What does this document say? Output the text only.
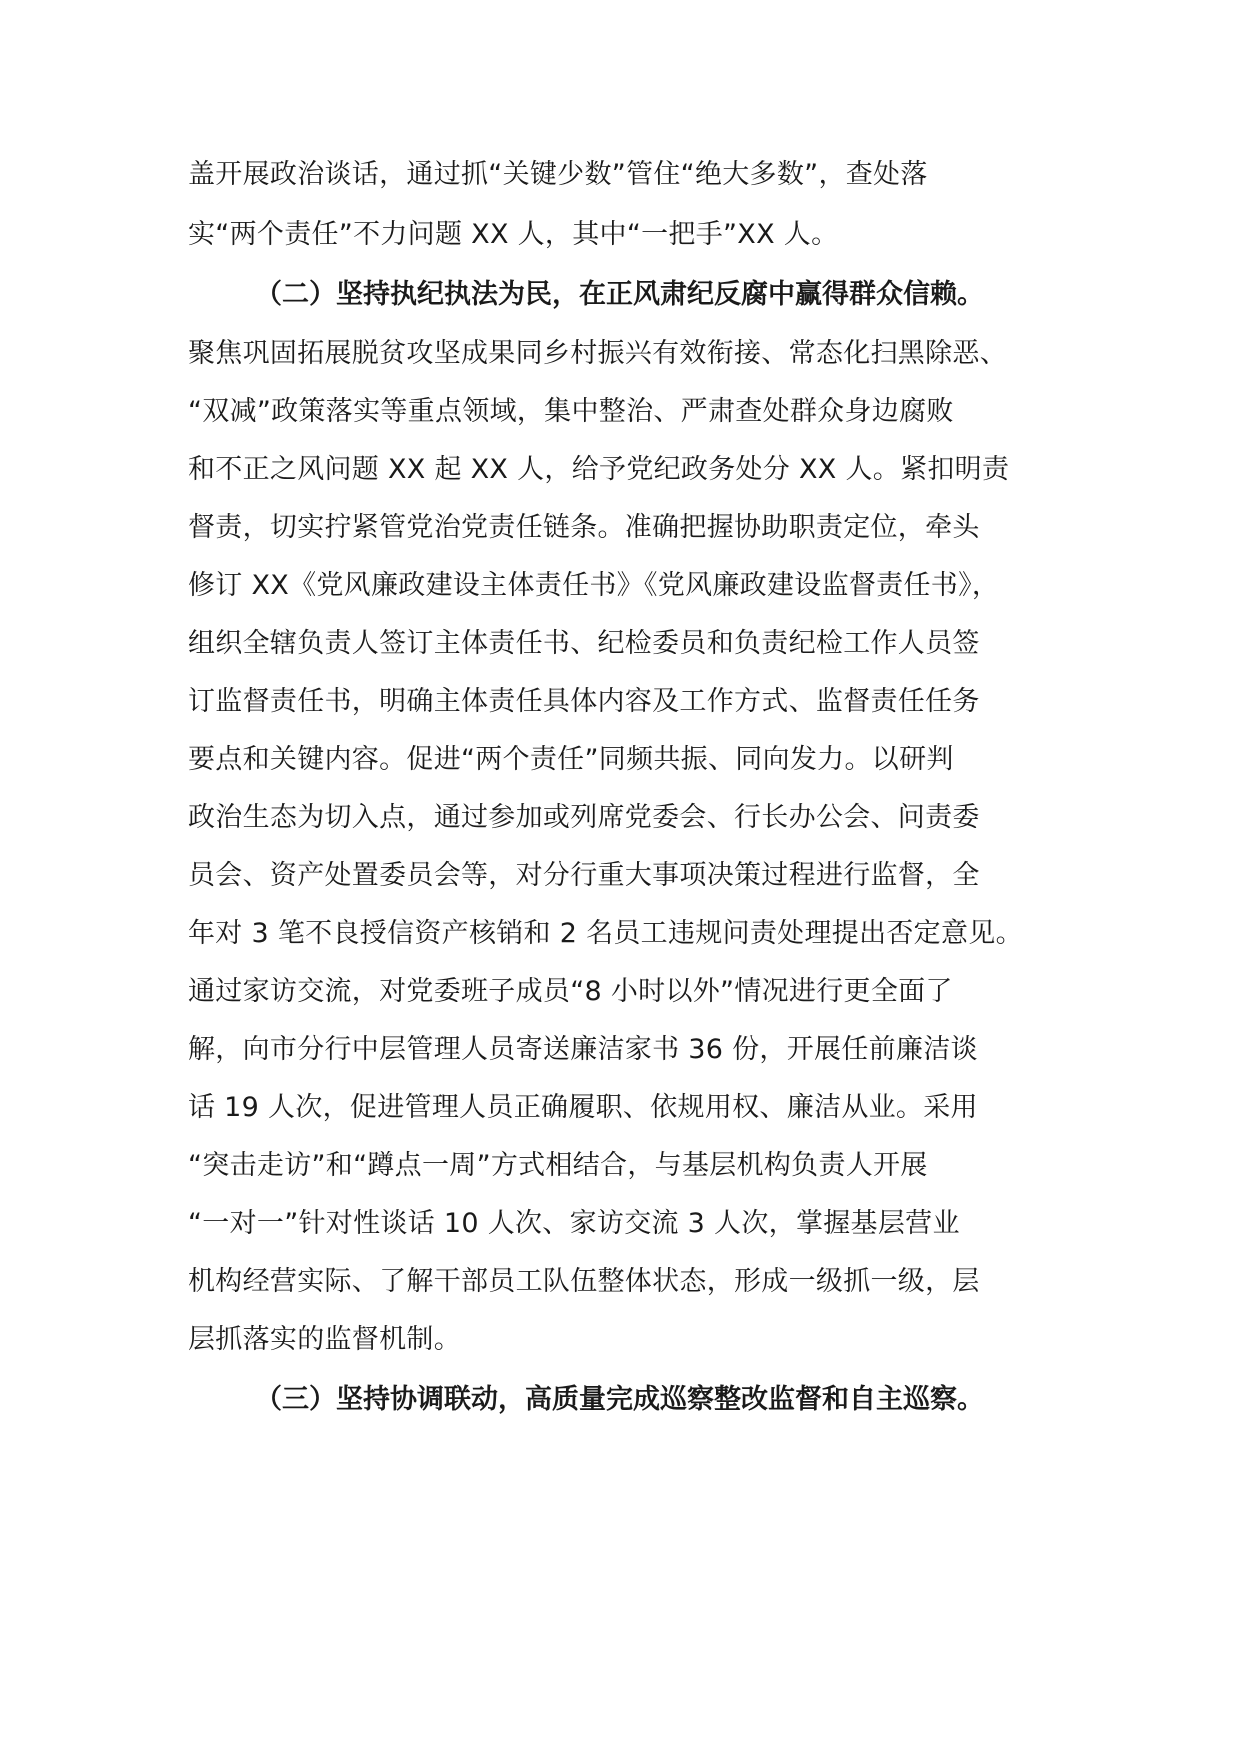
盖开展政治谈话，通过抓“关键少数”管住“绝大多数”，查处落
实“两个责任”不力问题 XX 人，其中“一把手”XX 人。
（二）坚持执纪执法为民，在正风肃纪反腐中赢得群众信赖。
聚焦巩固拓展脱贫攻坚成果同乡村振兴有效衔接、常态化扫黑除恶、
“双减”政策落实等重点领域，集中整治、严肃查处群众身边腐败
和不正之风问题 XX 起 XX 人，给予党纪政务处分 XX 人。紧扣明责
督责，切实拧紧管党治党责任链条。准确把握协助职责定位，牵头
修订 XX《党风廉政建设主体责任书》《党风廉政建设监督责任书》，
组织全辖负责人签订主体责任书、纪检委员和负责纪检工作人员签
订监督责任书，明确主体责任具体内容及工作方式、监督责任任务
要点和关键内容。促进“两个责任”同频共振、同向发力。以研判
政治生态为切入点，通过参加或列席党委会、行长办公会、问责委
员会、资产处置委员会等，对分行重大事项决策过程进行监督，全
年对 3 笔不良授信资产核销和 2 名员工违规问责处理提出否定意见。
通过家访交流，对党委班子成员“8 小时以外”情况进行更全面了
解，向市分行中层管理人员寄送廉洁家书 36 份，开展任前廉洁谈
话 19 人次，促进管理人员正确履职、依规用权、廉洁从业。采用
“突击走访”和“蹲点一周”方式相结合，与基层机构负责人开展
“一对一”针对性谈话 10 人次、家访交流 3 人次，掌握基层营业
机构经营实际、了解干部员工队伍整体状态，形成一级抓一级，层
层抓落实的监督机制。
（三）坚持协调联动，高质量完成巡察整改监督和自主巡察。
